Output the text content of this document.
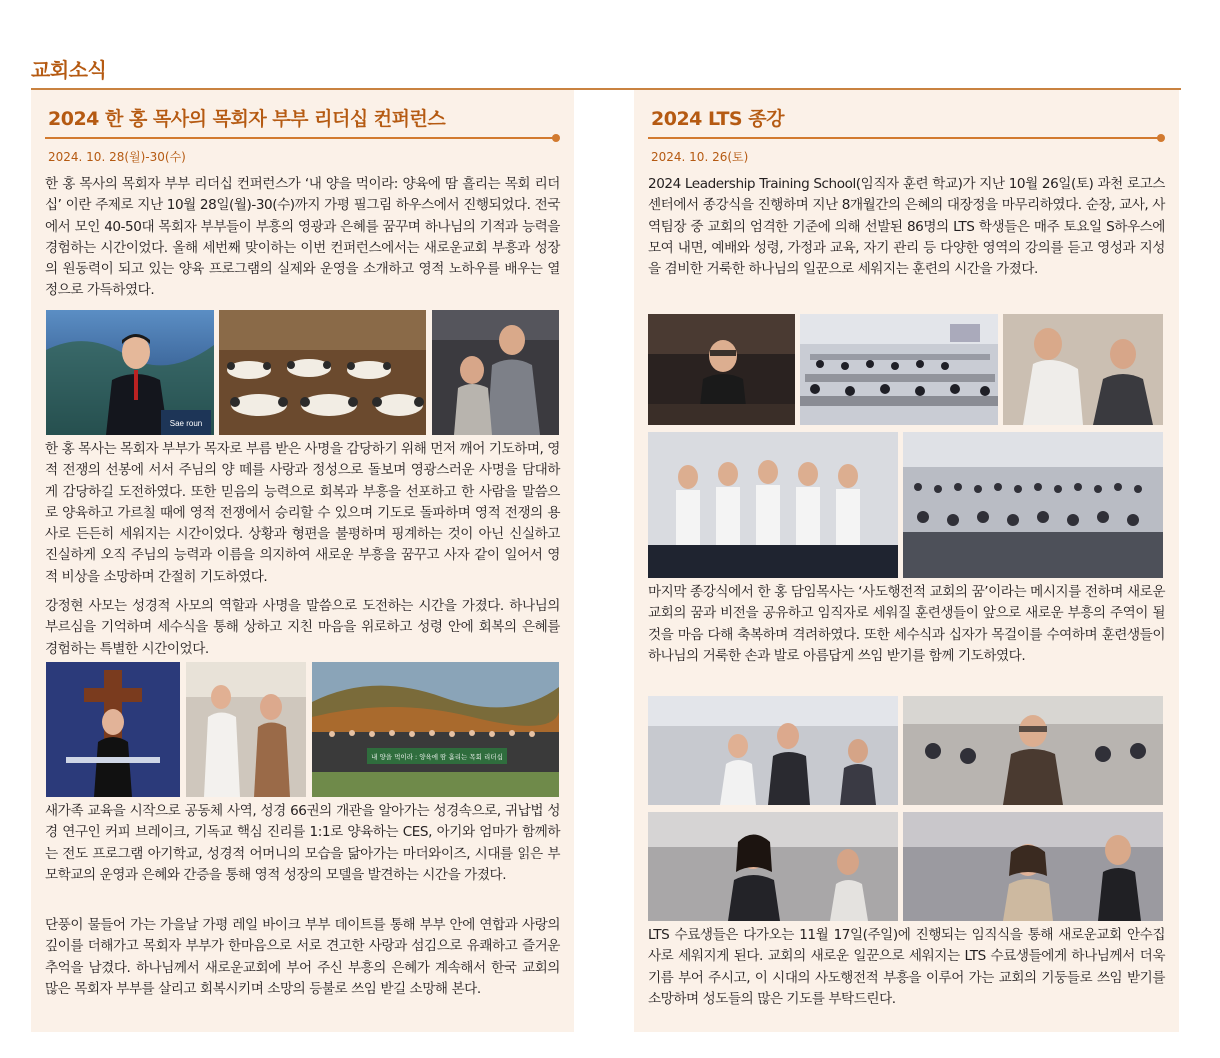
교회소식
2024 한 홍 목사의 목회자 부부 리더십 컨퍼런스
2024. 10. 28(월)-30(수)

한 홍 목사의 목회자 부부 리더십 컨퍼런스가 ‘내 양을 먹이라: 양육에 땀 흘리는 목회 리더십’ 이란 주제로 지난 10월 28일(월)-30(수)까지 가평 필그림 하우스에서 진행되었다. 전국에서 모인 40-50대 목회자 부부들이 부흥의 영광과 은혜를 꿈꾸며 하나님의 기적과 능력을 경험하는 시간이었다. 올해 세번째 맞이하는 이번 컨퍼런스에서는 새로운교회 부흥과 성장의 원동력이 되고 있는 양육 프로그램의 실제와 운영을 소개하고 영적 노하우를 배우는 열정으로 가득하였다.

Sae roun

한 홍 목사는 목회자 부부가 목자로 부름 받은 사명을 감당하기 위해 먼저 깨어 기도하며, 영적 전쟁의 선봉에 서서 주님의 양 떼를 사랑과 정성으로 돌보며 영광스러운 사명을 담대하게 감당하길 도전하였다. 또한 믿음의 능력으로 회복과 부흥을 선포하고 한 사람을 말씀으로 양육하고 가르칠 때에 영적 전쟁에서 승리할 수 있으며 기도로 돌파하며 영적 전쟁의 용사로 든든히 세워지는 시간이었다. 상황과 형편을 불평하며 핑계하는 것이 아닌 신실하고 진실하게 오직 주님의 능력과 이름을 의지하여 새로운 부흥을 꿈꾸고 사자 같이 일어서 영적 비상을 소망하며 간절히 기도하였다.

강정현 사모는 성경적 사모의 역할과 사명을 말씀으로 도전하는 시간을 가졌다. 하나님의 부르심을 기억하며 세수식을 통해 상하고 지친 마음을 위로하고 성령 안에 회복의 은혜를 경험하는 특별한 시간이었다.

내 양을 먹이라 : 양육에 땀 흘리는 목회 리더십

새가족 교육을 시작으로 공동체 사역, 성경 66권의 개관을 알아가는 성경속으로, 귀납법 성경 연구인 커피 브레이크, 기독교 핵심 진리를 1:1로 양육하는 CES, 아기와 엄마가 함께하는 전도 프로그램 아기학교, 성경적 어머니의 모습을 닮아가는 마더와이즈, 시대를 읽은 부모학교의 운영과 은혜와 간증을 통해 영적 성장의 모델을 발견하는 시간을 가졌다.

단풍이 물들어 가는 가을날 가평 레일 바이크 부부 데이트를 통해 부부 안에 연합과 사랑의 깊이를 더해가고 목회자 부부가 한마음으로 서로 견고한 사랑과 섬김으로 유쾌하고 즐거운 추억을 남겼다. 하나님께서 새로운교회에 부어 주신 부흥의 은혜가 계속해서 한국 교회의 많은 목회자 부부를 살리고 회복시키며 소망의 등불로 쓰임 받길 소망해 본다.

2024 LTS 종강
2024. 10. 26(토)

2024 Leadership Training School(임직자 훈련 학교)가 지난 10월 26일(토) 과천 로고스센터에서 종강식을 진행하며 지난 8개월간의 은혜의 대장정을 마무리하였다. 순장, 교사, 사역팀장 중 교회의 엄격한 기준에 의해 선발된 86명의 LTS 학생들은 매주 토요일 S하우스에 모여 내면, 예배와 성령, 가정과 교육, 자기 관리 등 다양한 영역의 강의를 듣고 영성과 지성을 겸비한 거룩한 하나님의 일꾼으로 세워지는 훈련의 시간을 가졌다.

마지막 종강식에서 한 홍 담임목사는 ‘사도행전적 교회의 꿈’이라는 메시지를 전하며 새로운 교회의 꿈과 비전을 공유하고 임직자로 세워질 훈련생들이 앞으로 새로운 부흥의 주역이 될 것을 마음 다해 축복하며 격려하였다. 또한 세수식과 십자가 목걸이를 수여하며 훈련생들이 하나님의 거룩한 손과 발로 아름답게 쓰임 받기를 함께 기도하였다.

LTS 수료생들은 다가오는 11월 17일(주일)에 진행되는 임직식을 통해 새로운교회 안수집사로 세워지게 된다. 교회의 새로운 일꾼으로 세워지는 LTS 수료생들에게 하나님께서 더욱 기름 부어 주시고, 이 시대의 사도행전적 부흥을 이루어 가는 교회의 기둥들로 쓰임 받기를 소망하며 성도들의 많은 기도를 부탁드린다.
